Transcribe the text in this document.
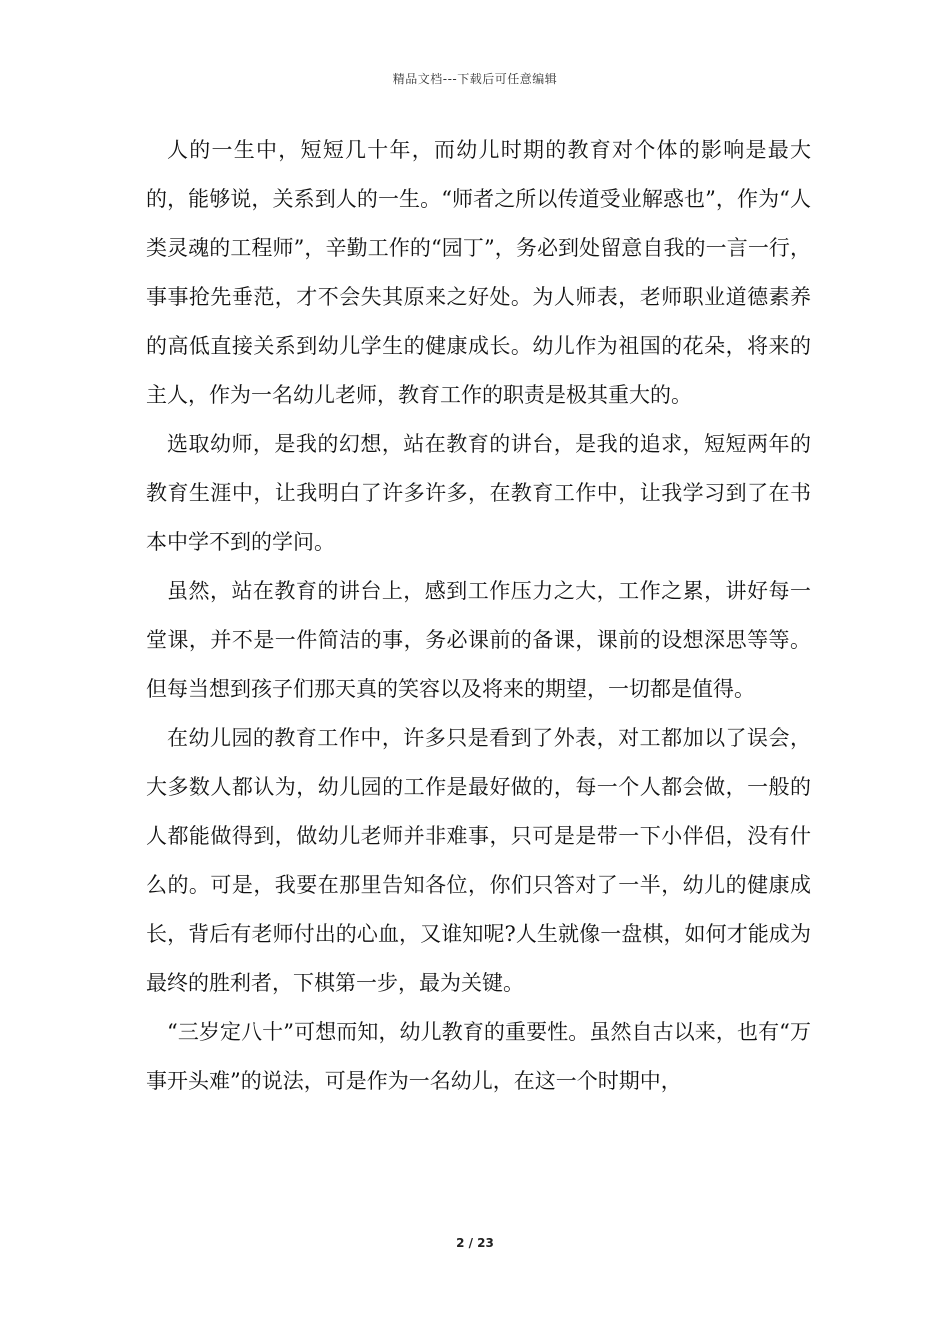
精品文档---下载后可任意编辑

人的一生中，短短几十年，而幼儿时期的教育对个体的影响是最大的，能够说，关系到人的一生。“师者之所以传道受业解惑也”，作为“人类灵魂的工程师”，辛勤工作的“园丁”，务必到处留意自我的一言一行，事事抢先垂范，才不会失其原来之好处。为人师表，老师职业道德素养的高低直接关系到幼儿学生的健康成长。幼儿作为祖国的花朵，将来的主人，作为一名幼儿老师，教育工作的职责是极其重大的。

选取幼师，是我的幻想，站在教育的讲台，是我的追求，短短两年的教育生涯中，让我明白了许多许多，在教育工作中，让我学习到了在书本中学不到的学问。

虽然，站在教育的讲台上，感到工作压力之大，工作之累，讲好每一堂课，并不是一件简洁的事，务必课前的备课，课前的设想深思等等。但每当想到孩子们那天真的笑容以及将来的期望，一切都是值得。

在幼儿园的教育工作中，许多只是看到了外表，对工都加以了误会，大多数人都认为，幼儿园的工作是最好做的，每一个人都会做，一般的人都能做得到，做幼儿老师并非难事，只可是是带一下小伴侣，没有什么的。可是，我要在那里告知各位，你们只答对了一半，幼儿的健康成长，背后有老师付出的心血，又谁知呢?人生就像一盘棋，如何才能成为最终的胜利者，下棋第一步，最为关键。

“三岁定八十”可想而知，幼儿教育的重要性。虽然自古以来，也有“万事开头难”的说法，可是作为一名幼儿，在这一个时期中，

2 / 23
